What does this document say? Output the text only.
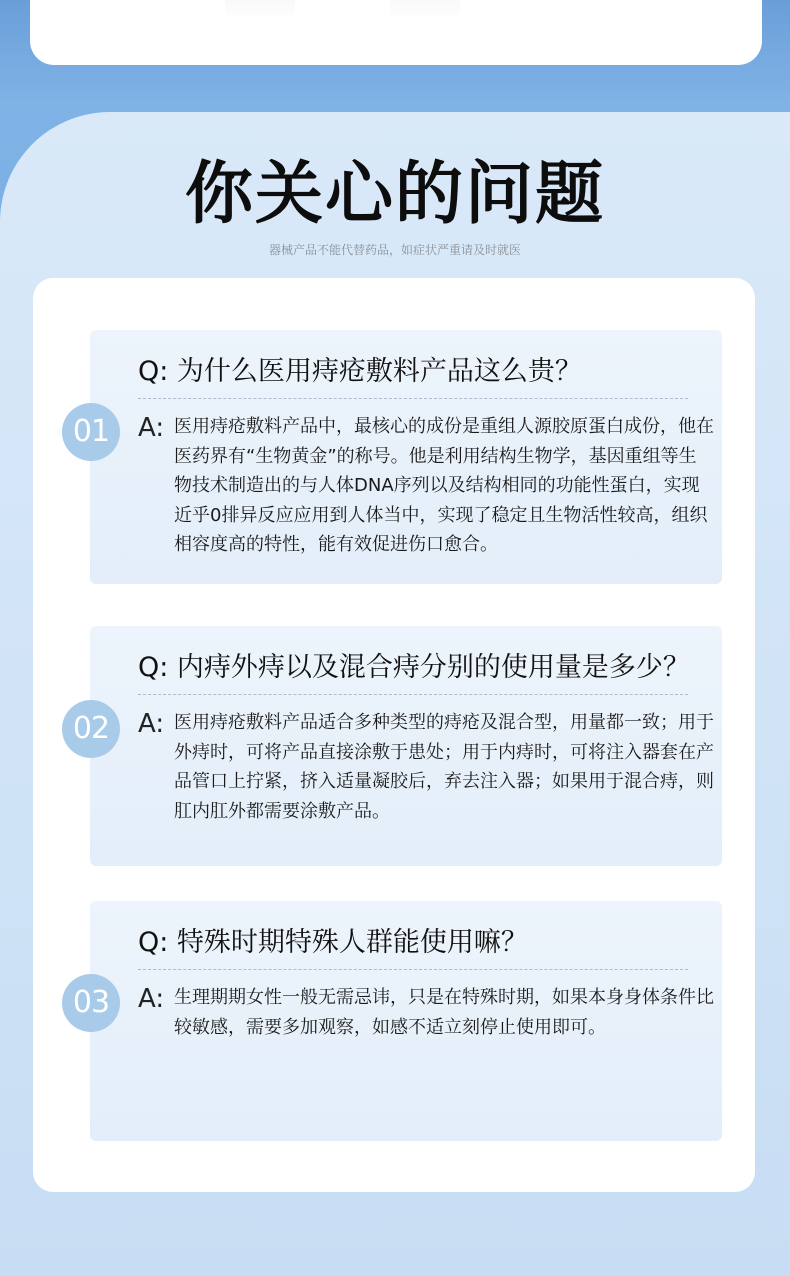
你关心的问题

器械产品不能代替药品，如症状严重请及时就医

Q: 为什么医用痔疮敷料产品这么贵？
A: 医用痔疮敷料产品中，最核心的成份是重组人源胶原蛋白成份，他在医药界有“生物黄金”的称号。他是利用结构生物学，基因重组等生物技术制造出的与人体DNA序列以及结构相同的功能性蛋白，实现近乎0排异反应应用到人体当中，实现了稳定且生物活性较高，组织相容度高的特性，能有效促进伤口愈合。
01
Q: 内痔外痔以及混合痔分别的使用量是多少？
A: 医用痔疮敷料产品适合多种类型的痔疮及混合型，用量都一致；用于外痔时，可将产品直接涂敷于患处；用于内痔时，可将注入器套在产品管口上拧紧，挤入适量凝胶后，弃去注入器；如果用于混合痔，则肛内肛外都需要涂敷产品。
02
Q: 特殊时期特殊人群能使用嘛？
A: 生理期期女性一般无需忌讳，只是在特殊时期，如果本身身体条件比较敏感，需要多加观察，如感不适立刻停止使用即可。
03
